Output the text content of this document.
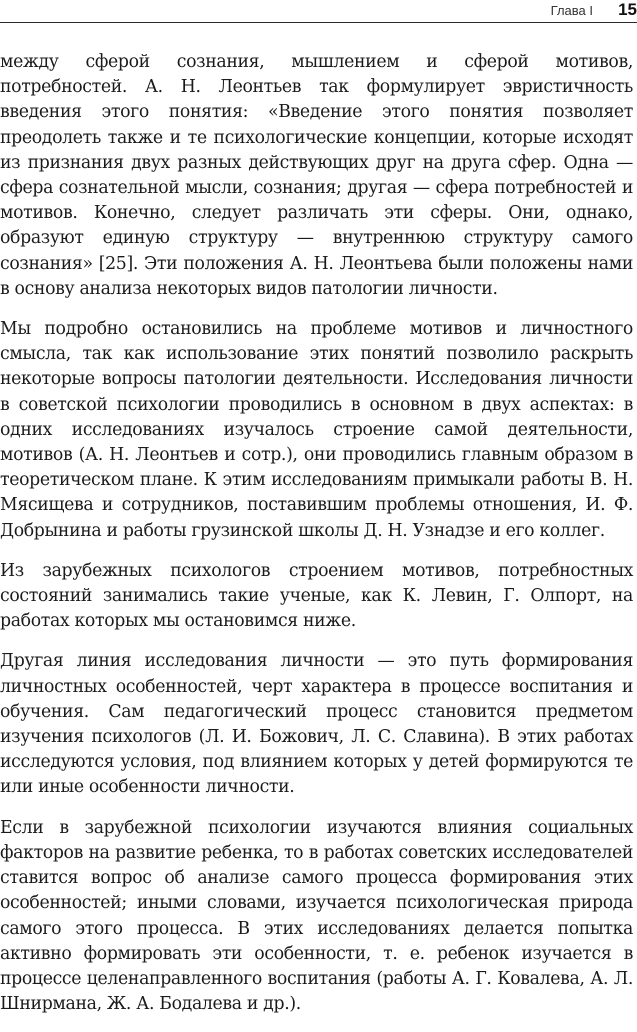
Глава I 15

между сферой сознания, мышлением и сферой мотивов, потребностей. А. Н. Леонтьев так формулирует эвристичность введения этого понятия: «Введение этого понятия позволяет преодолеть также и те психологические концепции, которые исходят из признания двух разных действующих друг на друга сфер. Одна — сфера сознательной мысли, сознания; другая — сфера потребностей и мотивов. Конечно, следует различать эти сферы. Они, однако, образуют единую структуру — внутреннюю структуру самого сознания» [25]. Эти положения А. Н. Леонтьева были положены нами в основу анализа некоторых видов патологии личности.

Мы подробно остановились на проблеме мотивов и личностного смысла, так как использование этих понятий позволило раскрыть некоторые вопросы патологии деятельности. Исследования личности в советской психологии проводились в основном в двух аспектах: в одних исследованиях изучалось строение самой деятельности, мотивов (А. Н. Леонтьев и сотр.), они проводились главным образом в теоретическом плане. К этим исследованиям примыкали работы В. Н. Мясищева и сотрудников, поставившим проблемы отношения, И. Ф. Добрынина и работы грузинской школы Д. Н. Узнадзе и его коллег.

Из зарубежных психологов строением мотивов, потребностных состояний занимались такие ученые, как К. Левин, Г. Олпорт, на работах которых мы остановимся ниже.

Другая линия исследования личности — это путь формирования личностных особенностей, черт характера в процессе воспитания и обучения. Сам педагогический процесс становится предметом изучения психологов (Л. И. Божович, Л. С. Славина). В этих работах исследуются условия, под влиянием которых у детей формируются те или иные особенности личности.

Если в зарубежной психологии изучаются влияния социальных факторов на развитие ребенка, то в работах советских исследователей ставится вопрос об анализе самого процесса формирования этих особенностей; иными словами, изучается психологическая природа самого этого процесса. В этих исследованиях делается попытка активно формировать эти особенности, т. е. ребенок изучается в процессе целенаправленного воспитания (работы А. Г. Ковалева, А. Л. Шнирмана, Ж. А. Бодалева и др.).
